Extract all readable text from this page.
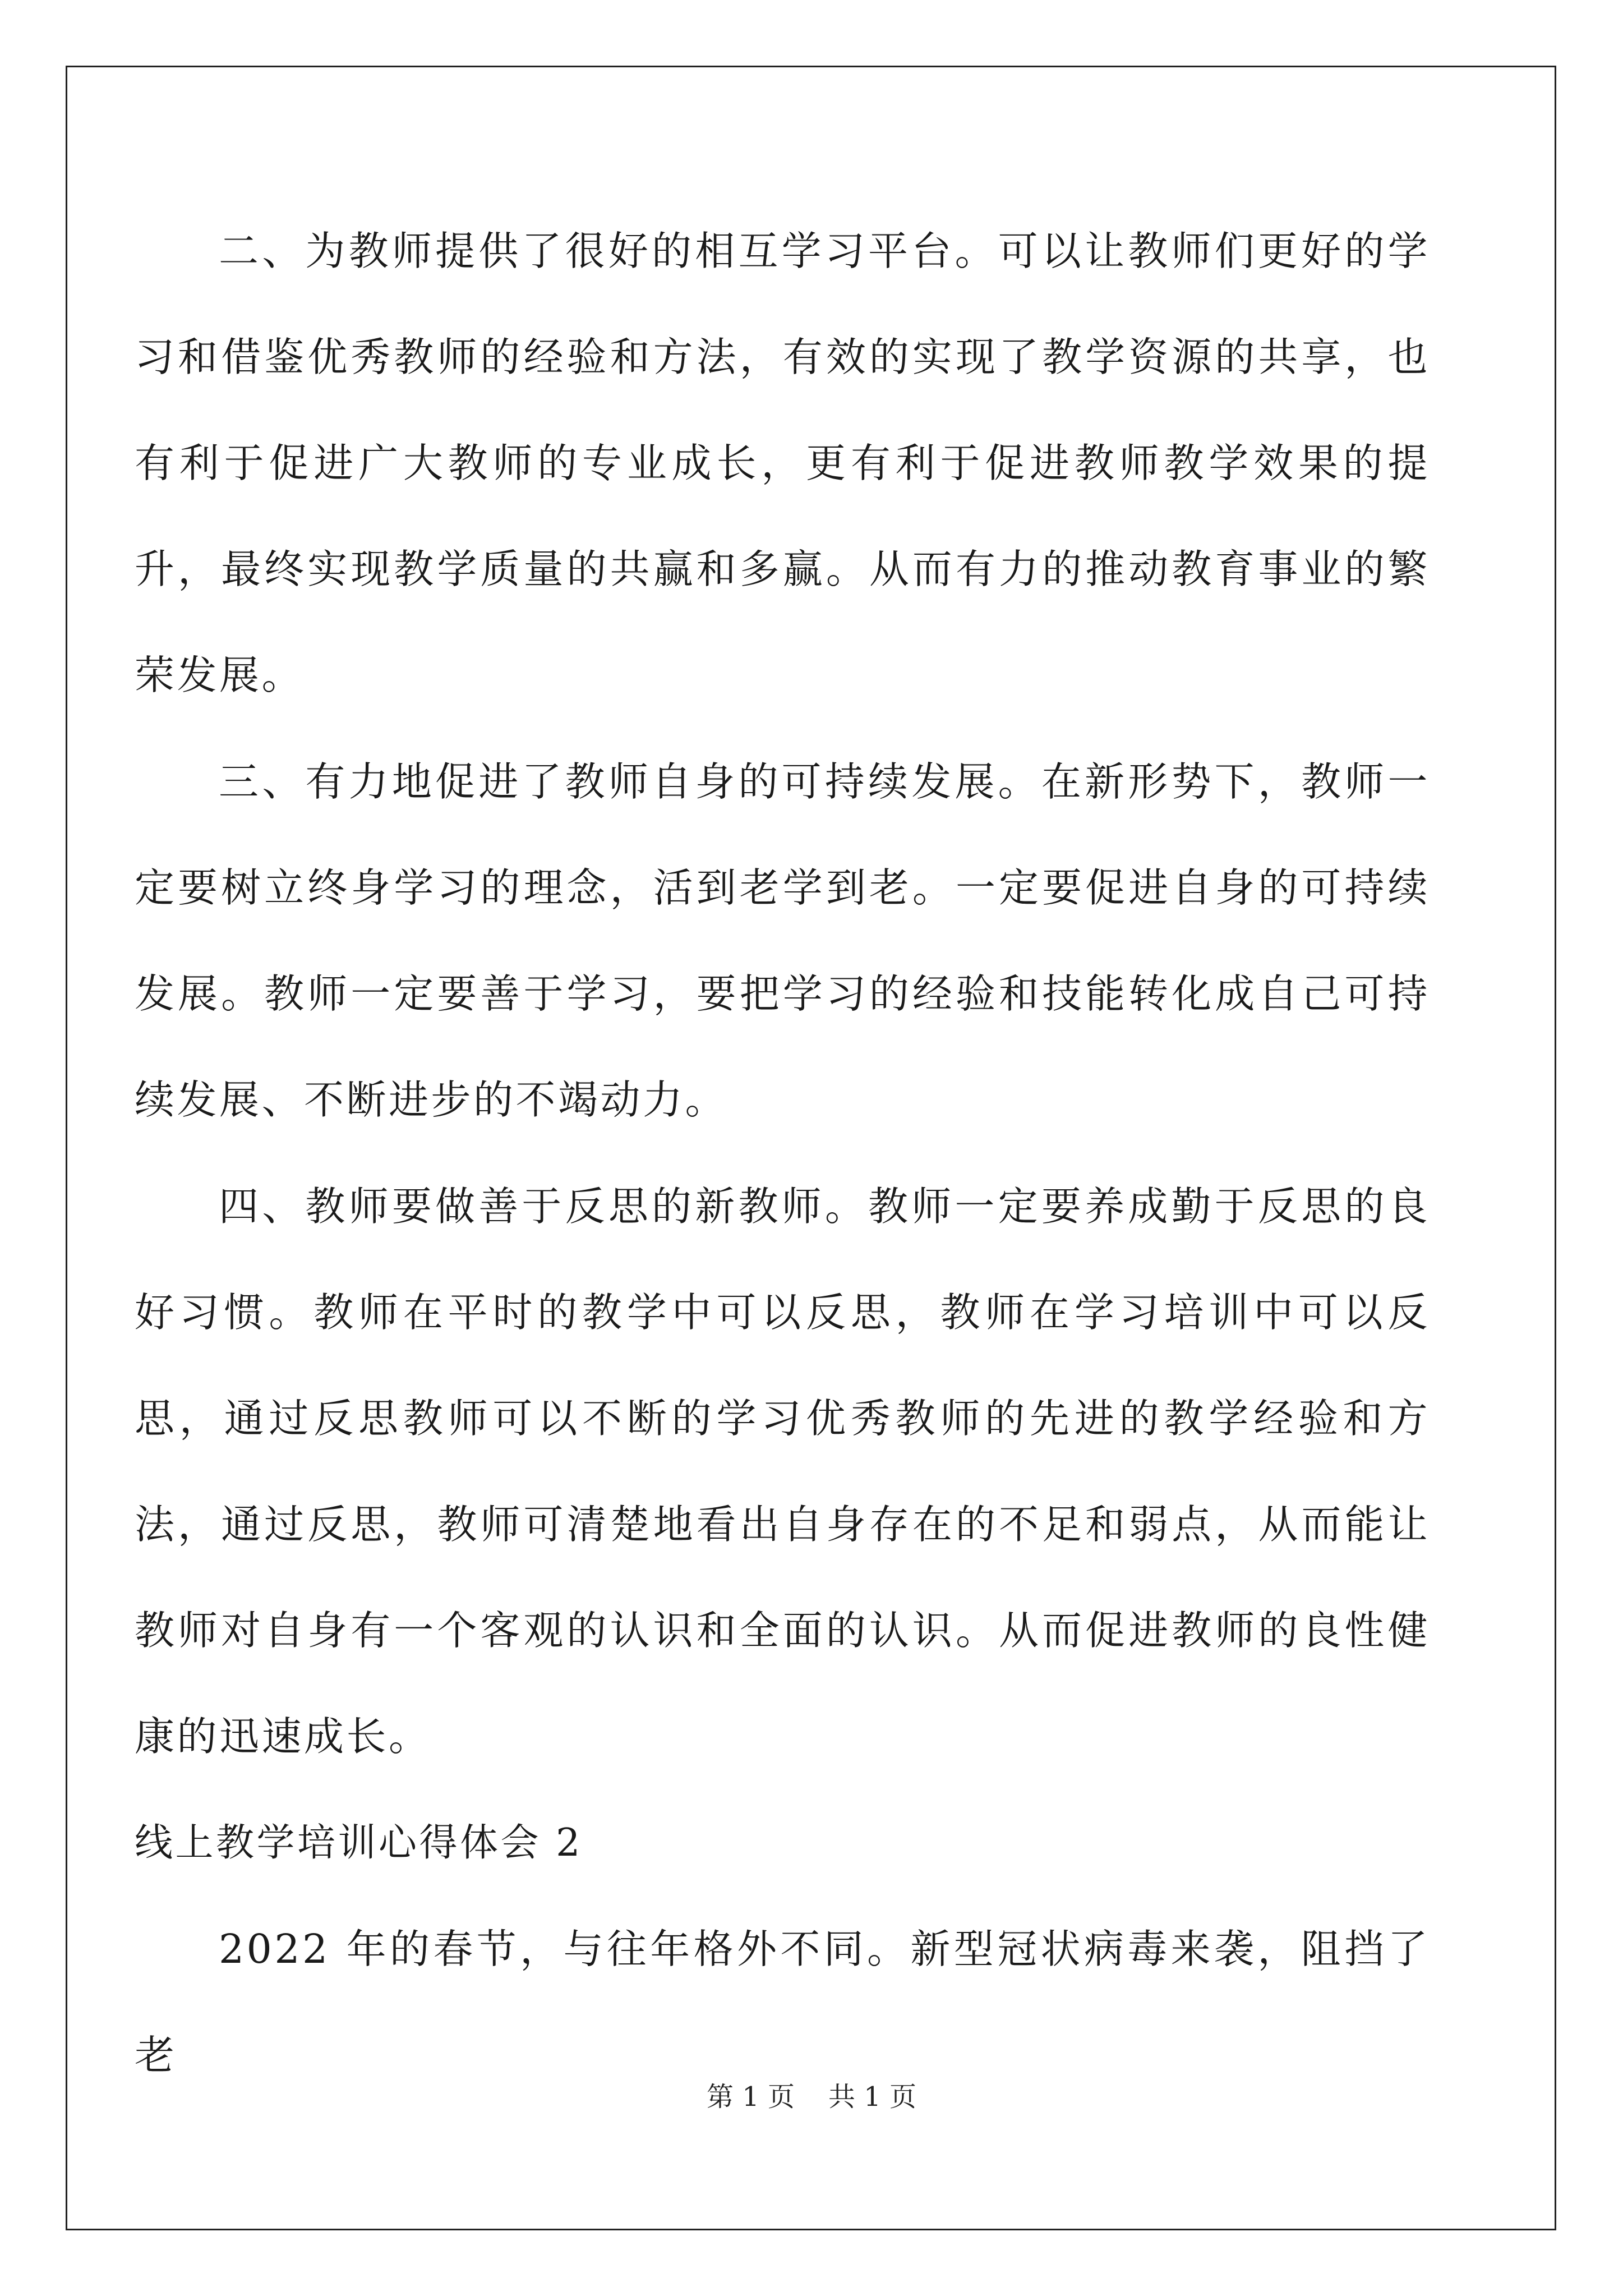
二、为教师提供了很好的相互学习平台。可以让教师们更好的学习和借鉴优秀教师的经验和方法，有效的实现了教学资源的共享，也有利于促进广大教师的专业成长，更有利于促进教师教学效果的提升，最终实现教学质量的共赢和多赢。从而有力的推动教育事业的繁荣发展。

三、有力地促进了教师自身的可持续发展。在新形势下，教师一定要树立终身学习的理念，活到老学到老。一定要促进自身的可持续发展。教师一定要善于学习，要把学习的经验和技能转化成自己可持续发展、不断进步的不竭动力。

四、教师要做善于反思的新教师。教师一定要养成勤于反思的良好习惯。教师在平时的教学中可以反思，教师在学习培训中可以反思，通过反思教师可以不断的学习优秀教师的先进的教学经验和方法，通过反思，教师可清楚地看出自身存在的不足和弱点，从而能让教师对自身有一个客观的认识和全面的认识。从而促进教师的良性健康的迅速成长。

线上教学培训心得体会 2

2022 年的春节，与往年格外不同。新型冠状病毒来袭，阻挡了老

第 1 页 共 1 页
